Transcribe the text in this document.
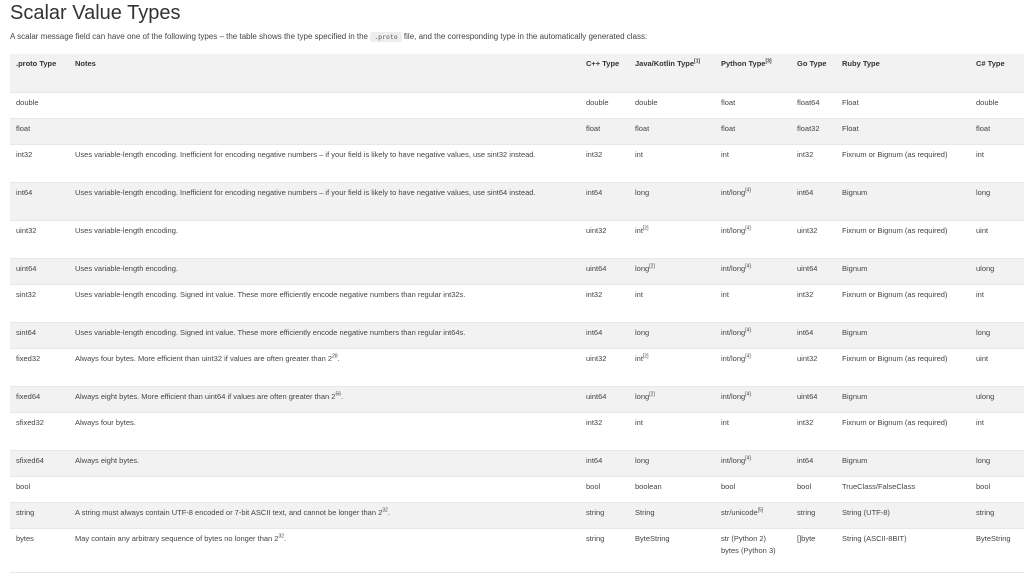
Scalar Value Types

A scalar message field can have one of the following types – the table shows the type specified in the .proto file, and the corresponding type in the automatically generated class:

.proto Type	Notes	C++ Type	Java/Kotlin Type[1]	Python Type[3]	Go Type	Ruby Type	C# Type
double		double	double	float	float64	Float	double
float		float	float	float	float32	Float	float
int32	Uses variable-length encoding. Inefficient for encoding negative numbers – if your field is likely to have negative values, use sint32 instead.	int32	int	int	int32	Fixnum or Bignum (as required)	int
int64	Uses variable-length encoding. Inefficient for encoding negative numbers – if your field is likely to have negative values, use sint64 instead.	int64	long	int/long[4]	int64	Bignum	long
uint32	Uses variable-length encoding.	uint32	int[2]	int/long[4]	uint32	Fixnum or Bignum (as required)	uint
uint64	Uses variable-length encoding.	uint64	long[2]	int/long[4]	uint64	Bignum	ulong
sint32	Uses variable-length encoding. Signed int value. These more efficiently encode negative numbers than regular int32s.	int32	int	int	int32	Fixnum or Bignum (as required)	int
sint64	Uses variable-length encoding. Signed int value. These more efficiently encode negative numbers than regular int64s.	int64	long	int/long[4]	int64	Bignum	long
fixed32	Always four bytes. More efficient than uint32 if values are often greater than $2^{28}$.	uint32	int[2]	int/long[4]	uint32	Fixnum or Bignum (as required)	uint
fixed64	Always eight bytes. More efficient than uint64 if values are often greater than $2^{56}$.	uint64	long[2]	int/long[4]	uint64	Bignum	ulong
sfixed32	Always four bytes.	int32	int	int	int32	Fixnum or Bignum (as required)	int
sfixed64	Always eight bytes.	int64	long	int/long[4]	int64	Bignum	long
bool		bool	boolean	bool	bool	TrueClass/FalseClass	bool
string	A string must always contain UTF-8 encoded or 7-bit ASCII text, and cannot be longer than $2^{32}$.	string	String	str/unicode[5]	string	String (UTF-8)	string
bytes	May contain any arbitrary sequence of bytes no longer than $2^{32}$.	string	ByteString	str (Python 2) bytes (Python 3)	[]byte	String (ASCII-8BIT)	ByteString
